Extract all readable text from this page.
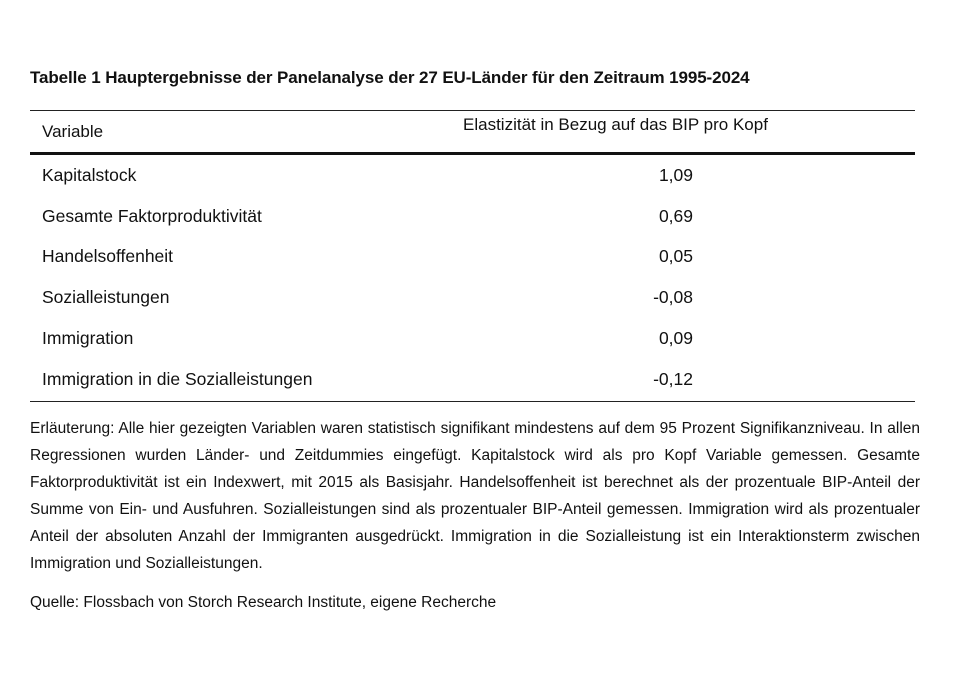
Tabelle 1 Hauptergebnisse der Panelanalyse der 27 EU-Länder für den Zeitraum 1995-2024
Variable	Elastizität in Bezug auf das BIP pro Kopf
Kapitalstock	1,09
Gesamte Faktorproduktivität	0,69
Handelsoffenheit	0,05
Sozialleistungen	-0,08
Immigration	0,09
Immigration in die Sozialleistungen	-0,12
Erläuterung: Alle hier gezeigten Variablen waren statistisch signifikant mindestens auf dem 95 Prozent Signifikanzniveau. In allen Regressionen wurden Länder- und Zeitdummies eingefügt. Kapitalstock wird als pro Kopf Variable gemessen. Gesamte Faktorproduktivität ist ein Indexwert, mit 2015 als Basisjahr. Handelsoffenheit ist berechnet als der prozentuale BIP-Anteil der Summe von Ein- und Ausfuhren. Sozialleistungen sind als prozentualer BIP-Anteil gemessen. Immigration wird als prozentualer Anteil der absoluten Anzahl der Immigranten ausgedrückt. Immigration in die Sozialleistung ist ein Interaktionsterm zwischen Immigration und Sozialleistungen.
Quelle: Flossbach von Storch Research Institute, eigene Recherche
